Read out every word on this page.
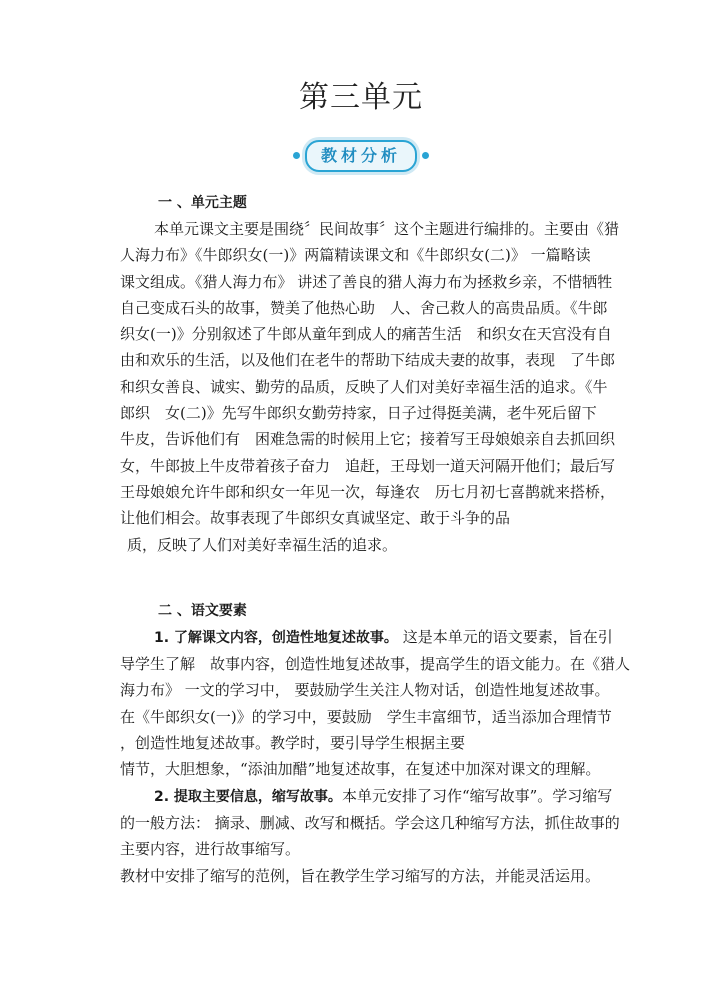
第三单元
教材分析

一 、单元主题

本单元课文主要是围绕〞民间故事〞这个主题进行编排的。主要由《猎

人海力布》《牛郎织女(一)》两篇精读课文和《牛郎织女(二)》 一篇略读

课文组成。《猎人海力布》 讲述了善良的猎人海力布为拯救乡亲，不惜牺牲

自己变成石头的故事，赞美了他热心助　人、舍己救人的高贵品质。《牛郎

织女(一)》分别叙述了牛郎从童年到成人的痛苦生活　和织女在天宫没有自

由和欢乐的生活，以及他们在老牛的帮助下结成夫妻的故事，表现　了牛郎

和织女善良、诚实、勤劳的品质，反映了人们对美好幸福生活的追求。《牛

郎织　女(二)》先写牛郎织女勤劳持家，日子过得挺美满，老牛死后留下

牛皮，告诉他们有　困难急需的时候用上它；接着写王母娘娘亲自去抓回织

女，牛郎披上牛皮带着孩子奋力　追赶，王母划一道天河隔开他们；最后写

王母娘娘允许牛郎和织女一年见一次，每逢农　历七月初七喜鹊就来搭桥，

让他们相会。故事表现了牛郎织女真诚坚定、敢于斗争的品

质，反映了人们对美好幸福生活的追求。

二 、语文要素

1. 了解课文内容，创造性地复述故事。 这是本单元的语文要素，旨在引

导学生了解　故事内容，创造性地复述故事，提高学生的语文能力。在《猎人

海力布》 一文的学习中， 要鼓励学生关注人物对话，创造性地复述故事。

在《牛郎织女(一)》的学习中，要鼓励　学生丰富细节，适当添加合理情节

，创造性地复述故事。教学时，要引导学生根据主要

情节，大胆想象，“添油加醋”地复述故事，在复述中加深对课文的理解。

2. 提取主要信息，缩写故事。本单元安排了习作“缩写故事”。学习缩写

的一般方法： 摘录、删减、改写和概括。学会这几种缩写方法，抓住故事的

主要内容，进行故事缩写。

教材中安排了缩写的范例，旨在教学生学习缩写的方法，并能灵活运用。
